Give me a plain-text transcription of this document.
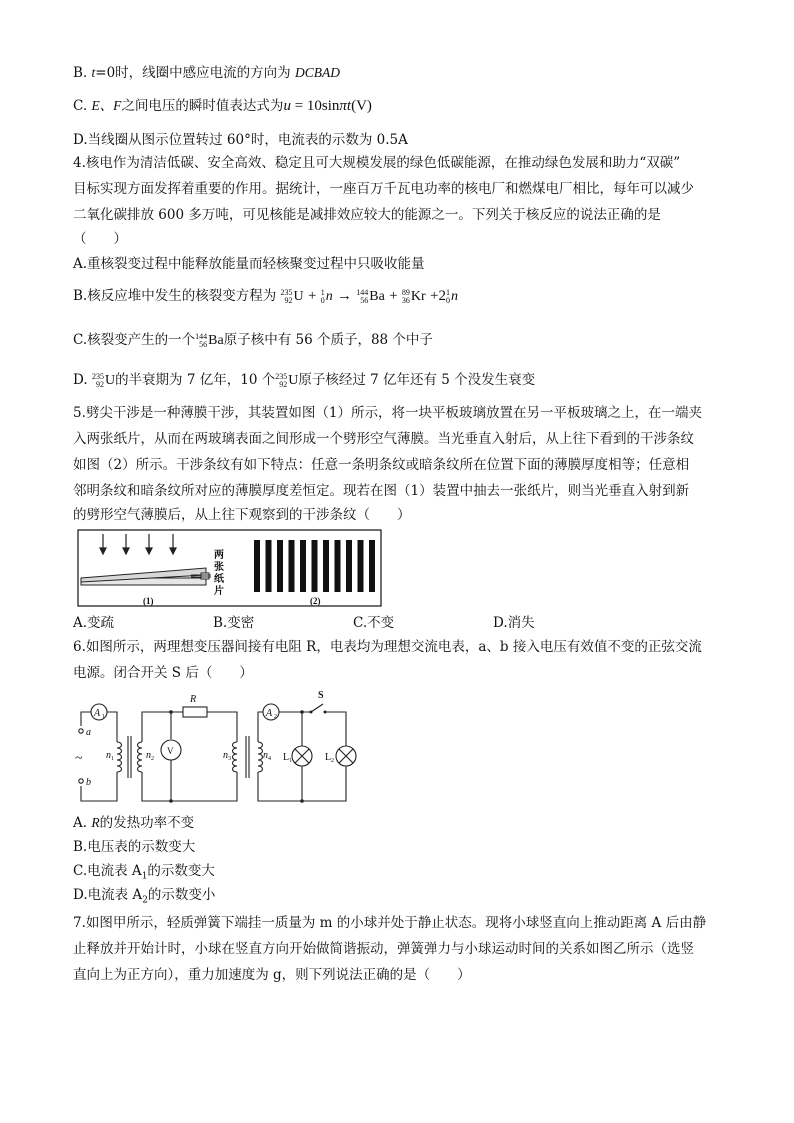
B. t=0时，线圈中感应电流的方向为 DCBAD
C. E、F之间电压的瞬时值表达式为u = 10sinπt(V)
D.当线圈从图示位置转过 60°时，电流表的示数为 0.5A
4.核电作为清洁低碳、安全高效、稳定且可大规模发展的绿色低碳能源，在推动绿色发展和助力“双碳”
目标实现方面发挥着重要的作用。据统计，一座百万千瓦电功率的核电厂和燃煤电厂相比，每年可以减少
二氧化碳排放 600 多万吨，可见核能是减排效应较大的能源之一。下列关于核反应的说法正确的是
（　　）
A.重核裂变过程中能释放能量而轻核聚变过程中只吸收能量
B.核反应堆中发生的核裂变方程为 235
92 U + 1
0 n → 144
56 Ba + 89
36 Kr +2 1
0 n
C.核裂变产生的一个 144
56 Ba原子核中有 56 个质子，88 个中子
D. 235
92 U的半衰期为 7 亿年，10 个 235
92 U原子核经过 7 亿年还有 5 个没发生衰变
5.劈尖干涉是一种薄膜干涉，其装置如图（1）所示，将一块平板玻璃放置在另一平板玻璃之上，在一端夹
入两张纸片，从而在两玻璃表面之间形成一个劈形空气薄膜。当光垂直入射后，从上往下看到的干涉条纹
如图（2）所示。干涉条纹有如下特点：任意一条明条纹或暗条纹所在位置下面的薄膜厚度相等；任意相
邻明条纹和暗条纹所对应的薄膜厚度差恒定。现若在图（1）装置中抽去一张纸片，则当光垂直入射到新
的劈形空气薄膜后，从上往下观察到的干涉条纹（　　）
两
张
纸
片
(1)	(2)
A.变疏	B.变密	C.不变	D.消失
6.如图所示，两理想变压器间接有电阻 R，电表均为理想交流电表，a、b 接入电压有效值不变的正弦交流
电源。闭合开关 S 后（　　）
A 1	A 2
R	S
a
b
~ n 1	n 2
V	n 3	n 4 L 1	L 2
A. R的发热功率不变
B.电压表的示数变大
C.电流表 $A_1$的示数变大
D.电流表 $A_2$的示数变小
7.如图甲所示，轻质弹簧下端挂一质量为 m 的小球并处于静止状态。现将小球竖直向上推动距离 A 后由静
止释放并开始计时，小球在竖直方向开始做简谐振动，弹簧弹力与小球运动时间的关系如图乙所示（选竖
直向上为正方向），重力加速度为 g，则下列说法正确的是（　　）
